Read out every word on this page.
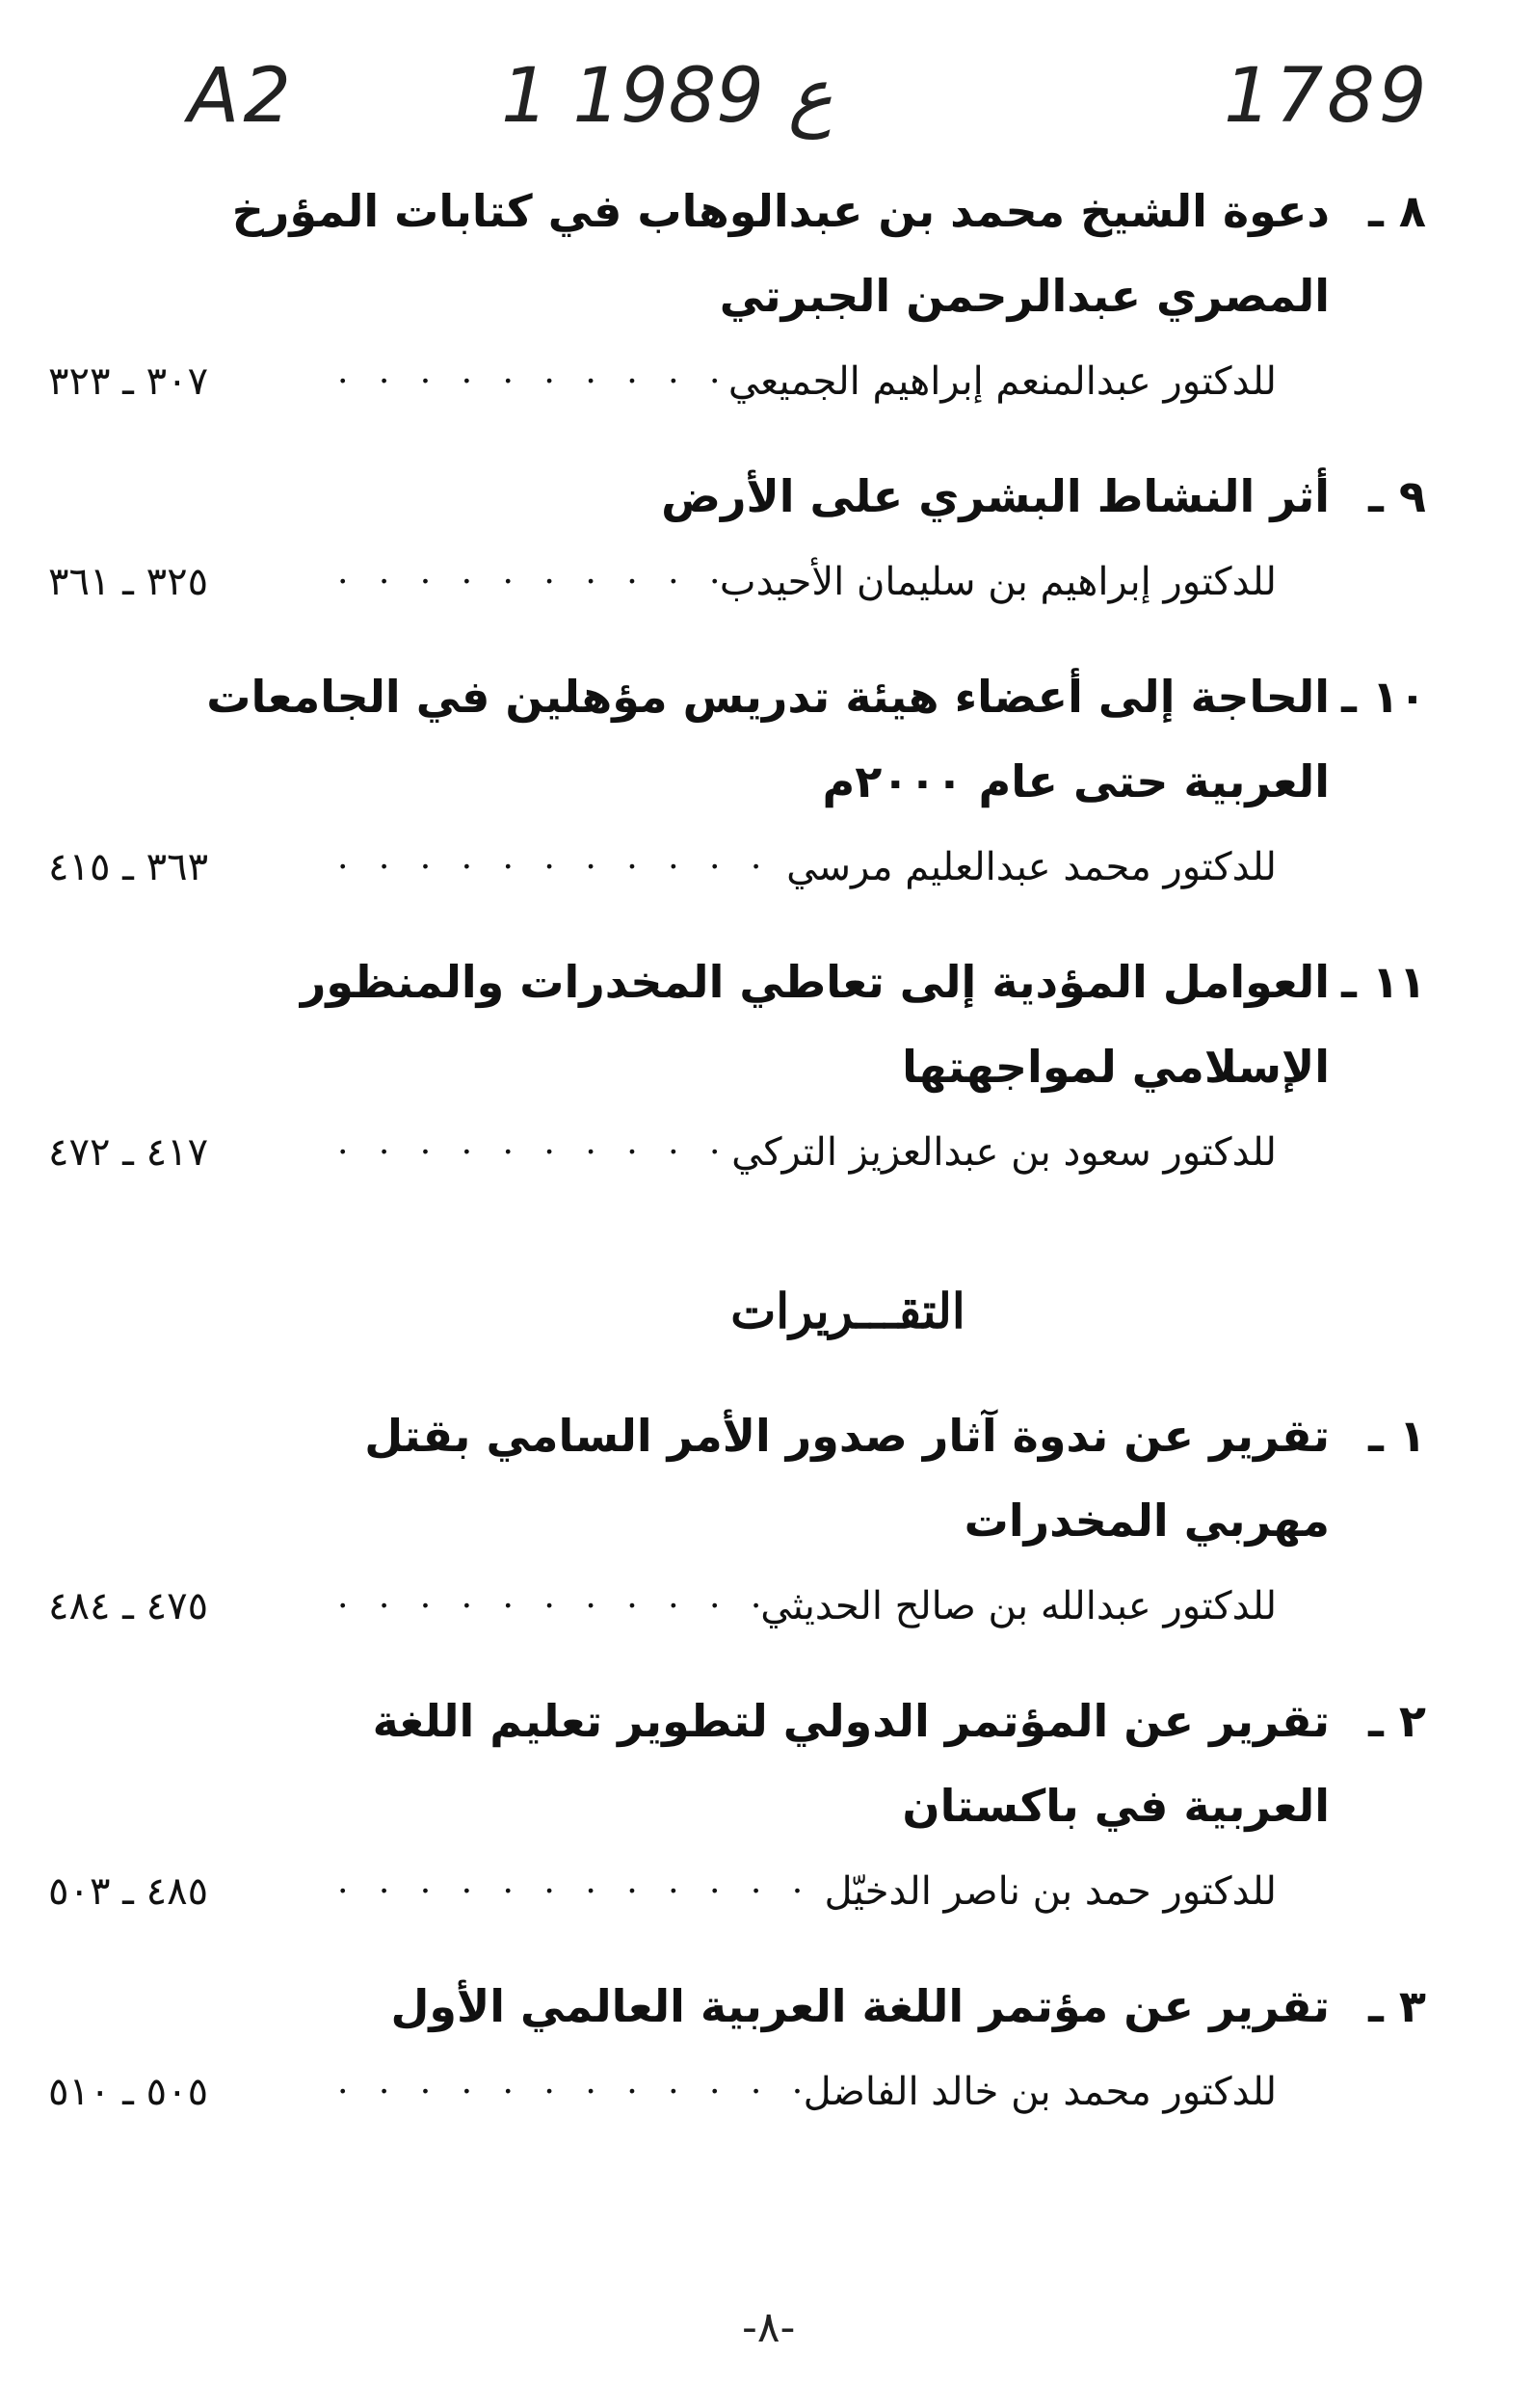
A2	1 ع 1989	1789
٨ ـدعوة الشيخ محمد بن عبدالوهاب في كتابات المؤرخ
المصري عبدالرحمن الجبرتي
للدكتور عبدالمنعم إبراهيم الجميعي
. . . . . . . . . .
٣٠٧ ـ ٣٢٣
٩ ـأثر النشاط البشري على الأرض
للدكتور إبراهيم بن سليمان الأحيدب
. . . . . . . . . .
٣٢٥ ـ ٣٦١
١٠ ـالحاجة إلى أعضاء هيئة تدريس مؤهلين في الجامعات
العربية حتى عام ٢٠٠٠م
للدكتور محمد عبدالعليم مرسي
. . . . . . . . . . .
٣٦٣ ـ ٤١٥
١١ ـالعوامل المؤدية إلى تعاطي المخدرات والمنظور
الإسلامي لمواجهتها
للدكتور سعود بن عبدالعزيز التركي
. . . . . . . . . .
٤١٧ ـ ٤٧٢
التقـــريرات
١ ـتقرير عن ندوة آثار صدور الأمر السامي بقتل
مهربي المخدرات
للدكتور عبدالله بن صالح الحديثي
. . . . . . . . . . .
٤٧٥ ـ ٤٨٤
٢ ـتقرير عن المؤتمر الدولي لتطوير تعليم اللغة
العربية في باكستان
للدكتور حمد بن ناصر الدخيّل
. . . . . . . . . . . .
٤٨٥ ـ ٥٠٣
٣ ـتقرير عن مؤتمر اللغة العربية العالمي الأول
للدكتور محمد بن خالد الفاضل
. . . . . . . . . . . .
٥٠٥ ـ ٥١٠
-٨-
